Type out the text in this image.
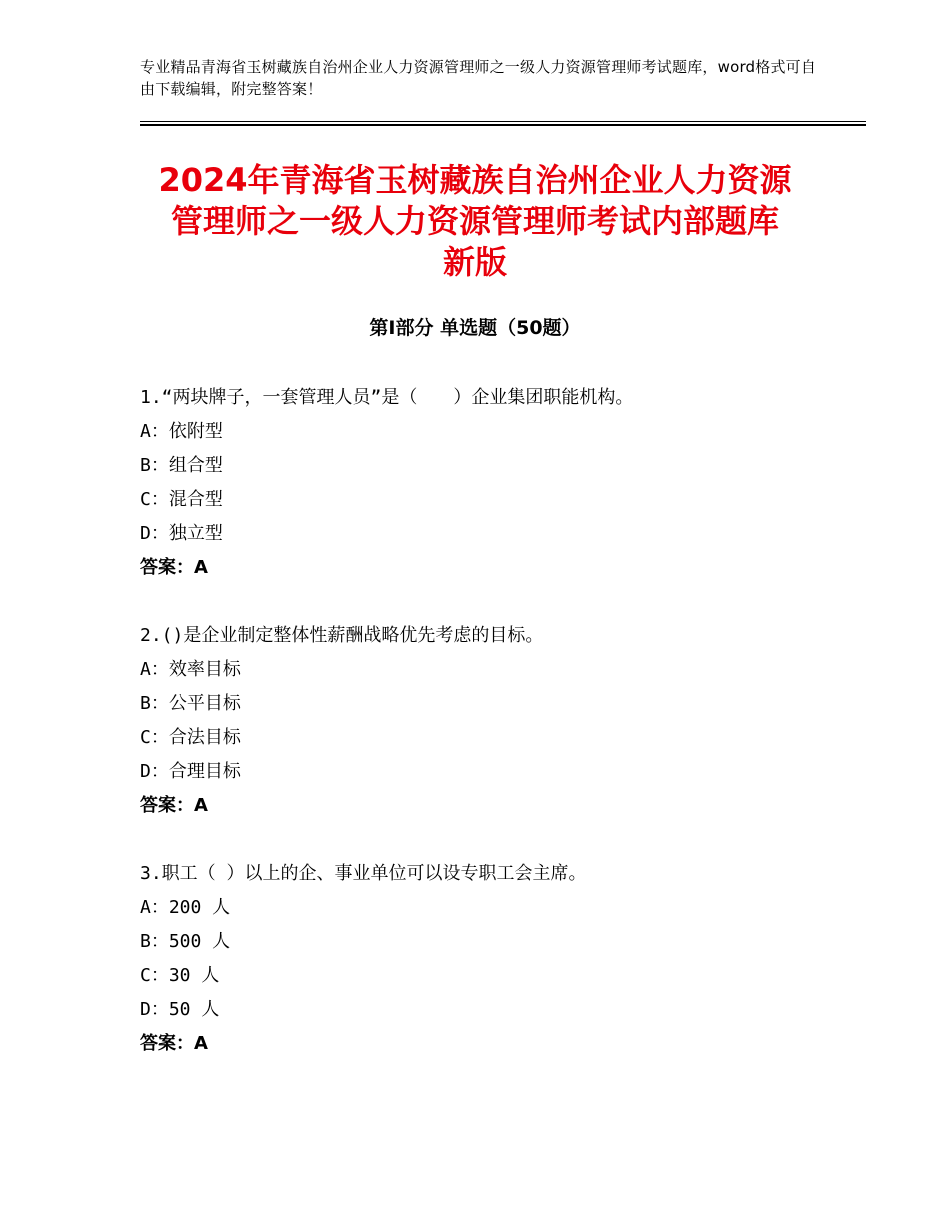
专业精品青海省玉树藏族自治州企业人力资源管理师之一级人力资源管理师考试题库，word格式可自由下载编辑，附完整答案！
2024年青海省玉树藏族自治州企业人力资源
管理师之一级人力资源管理师考试内部题库
新版
第Ⅰ部分 单选题（50题）
1.“两块牌子，一套管理人员”是（　　）企业集团职能机构。
A：依附型
B：组合型
C：混合型
D：独立型
答案：A
2.()是企业制定整体性薪酬战略优先考虑的目标。
A：效率目标
B：公平目标
C：合法目标
D：合理目标
答案：A
3.职工（ ）以上的企、事业单位可以设专职工会主席。
A：200 人
B：500 人
C：30 人
D：50 人
答案：A
